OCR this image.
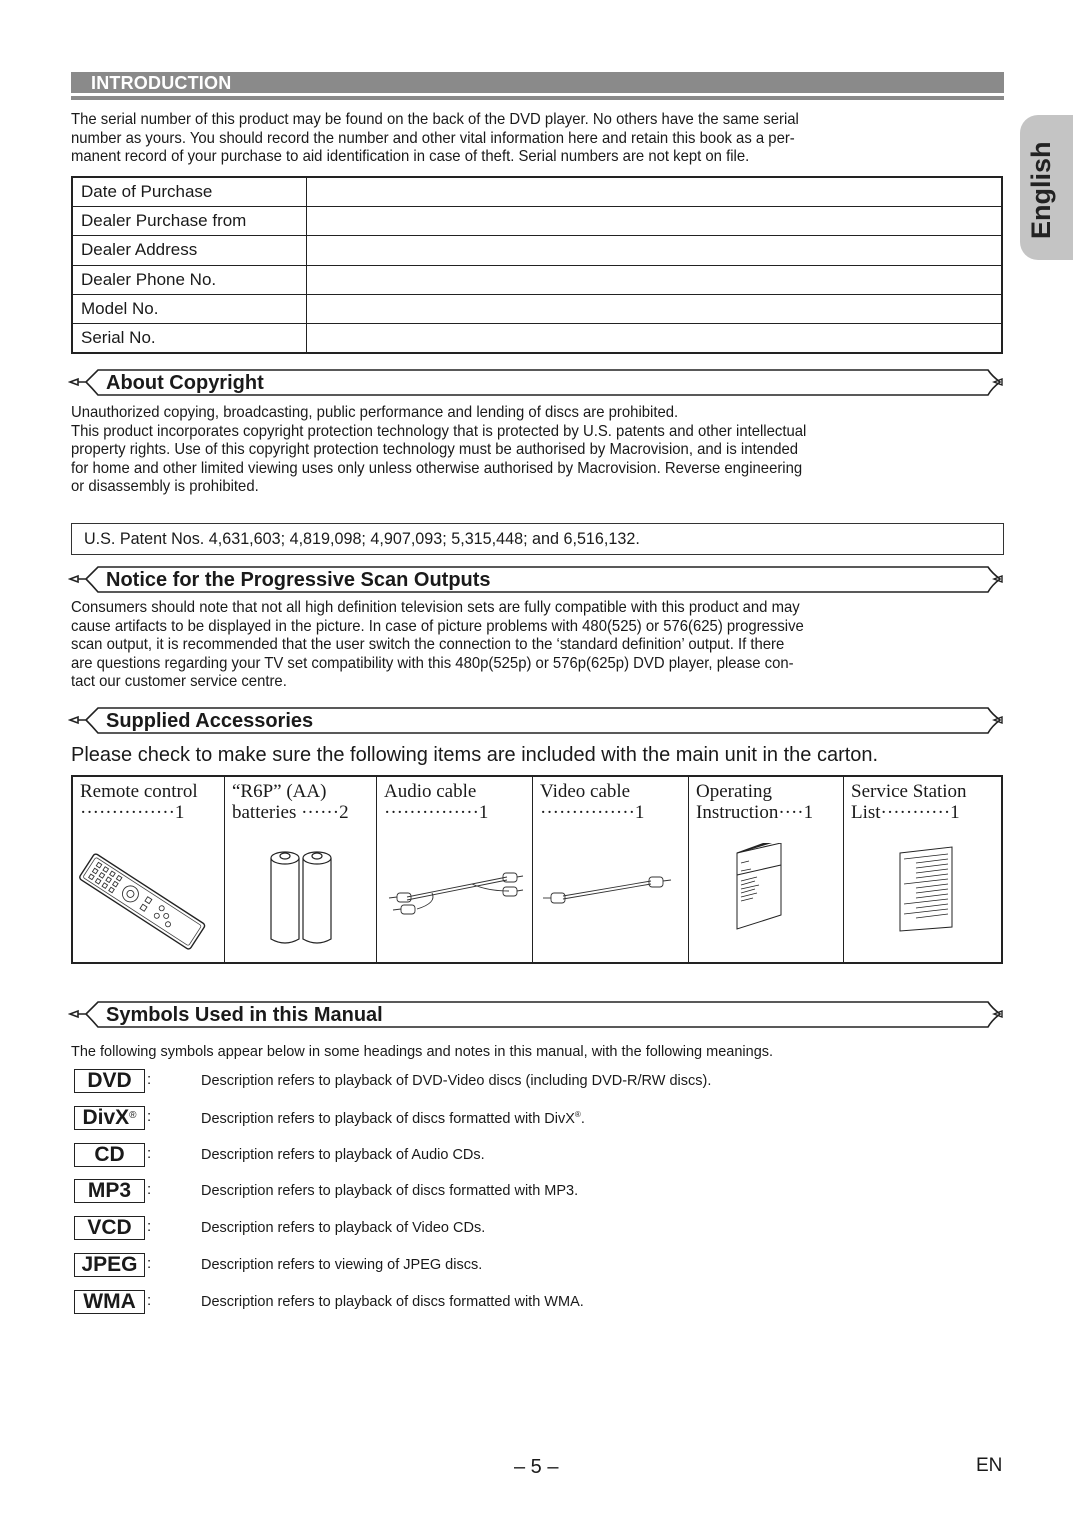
English
INTRODUCTION

The serial number of this product may be found on the back of the DVD player. No others have the same serial

number as yours. You should record the number and other vital information here and retain this book as a per-

manent record of your purchase to aid identification in case of theft. Serial numbers are not kept on file.

Date of Purchase	
Dealer Purchase from	
Dealer Address	
Dealer Phone No.	
Model No.	
Serial No.	
About Copyright

Unauthorized copying, broadcasting, public performance and lending of discs are prohibited.

This product incorporates copyright protection technology that is protected by U.S. patents and other intellectual

property rights. Use of this copyright protection technology must be authorised by Macrovision, and is intended

for home and other limited viewing uses only unless otherwise authorised by Macrovision. Reverse engineering

or disassembly is prohibited.

U.S. Patent Nos. 4,631,603; 4,819,098; 4,907,093; 5,315,448; and 6,516,132.
Notice for the Progressive Scan Outputs

Consumers should note that not all high definition television sets are fully compatible with this product and may

cause artifacts to be displayed in the picture. In case of picture problems with 480(525) or 576(625) progressive

scan output, it is recommended that the user switch the connection to the ‘standard definition’ output. If there

are questions regarding your TV set compatibility with this 480p(525p) or 576p(625p) DVD player, please con-

tact our customer service centre.

Supplied Accessories
Please check to make sure the following items are included with the main unit in the carton.
Remote control
···············1
	“R6P” (AA)
batteries ······2
	Audio cable
···············1
	Video cable
···············1
	Operating
Instruction····1
	Service Station
List···········1
Symbols Used in this Manual
The following symbols appear below in some headings and notes in this manual, with the following meanings.
DVD	:	Description refers to playback of DVD-Video discs (including DVD-R/RW discs).
DivX® :	Description refers to playback of discs formatted with DivX®.
CD	:	Description refers to playback of Audio CDs.
MP3	:	Description refers to playback of discs formatted with MP3.
VCD	:	Description refers to playback of Video CDs.
JPEG :	Description refers to viewing of JPEG discs.
WMA :	Description refers to playback of discs formatted with WMA.
– 5 –	EN
